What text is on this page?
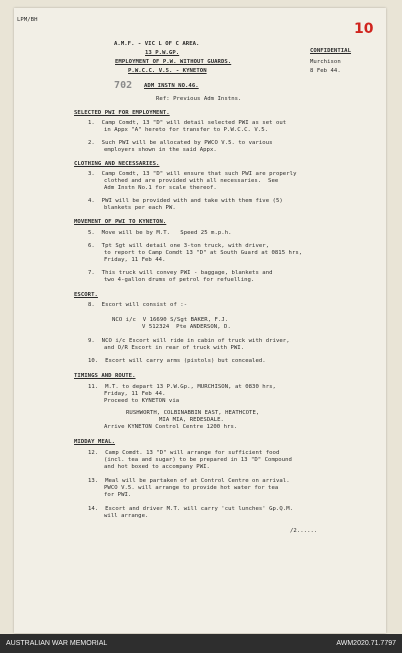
LPM/BH
10
A.M.F. - VIC L OF C AREA.
13 P.W.GP.
EMPLOYMENT OF P.W. WITHOUT GUARDS.
P.W.C.C. V.5. - KYNETON
ADM INSTN NO.46.
702
CONFIDENTIAL
Murchison
8 Feb 44.
Ref: Previous Adm Instns.
SELECTED PWI FOR EMPLOYMENT.
1.  Camp Comdt, 13 "D" will detail selected PWI as set out
in Appx "A" hereto for transfer to P.W.C.C. V.5.
2.  Such PWI will be allocated by PWCO V.5. to various
employers shown in the said Appx.
CLOTHING AND NECESSARIES.
3.  Camp Comdt, 13 "D" will ensure that such PWI are properly
clothed and are provided with all necessaries.  See
Adm Instn No.1 for scale thereof.
4.  PWI will be provided with and take with them five (5)
blankets per each PW.
MOVEMENT OF PWI TO KYNETON.
5.  Move will be by M.T.   Speed 25 m.p.h.
6.  Tpt Sgt will detail one 3-ton truck, with driver,
to report to Camp Comdt 13 "D" at South Guard at 0815 hrs,
Friday, 11 Feb 44.
7.  This truck will convey PWI - baggage, blankets and
two 4-gallon drums of petrol for refuelling.
ESCORT.
8.  Escort will consist of :-
NCO i/c  V 16690 S/Sgt BAKER, F.J.
V 512324  Pte ANDERSON, D.
9.  NCO i/c Escort will ride in cabin of truck with driver,
and O/R Escort in rear of truck with PWI.
10.  Escort will carry arms (pistols) but concealed.
TIMINGS AND ROUTE.
11.  M.T. to depart 13 P.W.Gp., MURCHISON, at 0830 hrs,
Friday, 11 Feb 44.
Proceed to KYNETON via
RUSHWORTH, COLBINABBIN EAST, HEATHCOTE,
MIA MIA, REDESDALE.
Arrive KYNETON Control Centre 1200 hrs.
MIDDAY MEAL.
12.  Camp Comdt. 13 "D" will arrange for sufficient food
(incl. tea and sugar) to be prepared in 13 "D" Compound
and hot boxed to accompany PWI.
13.  Meal will be partaken of at Control Centre on arrival.
PWCO V.5. will arrange to provide hot water for tea
for PWI.
14.  Escort and driver M.T. will carry 'cut lunches' Gp.Q.M.
will arrange.
/2......
AUSTRALIAN WAR MEMORIAL	AWM2020.71.7797
